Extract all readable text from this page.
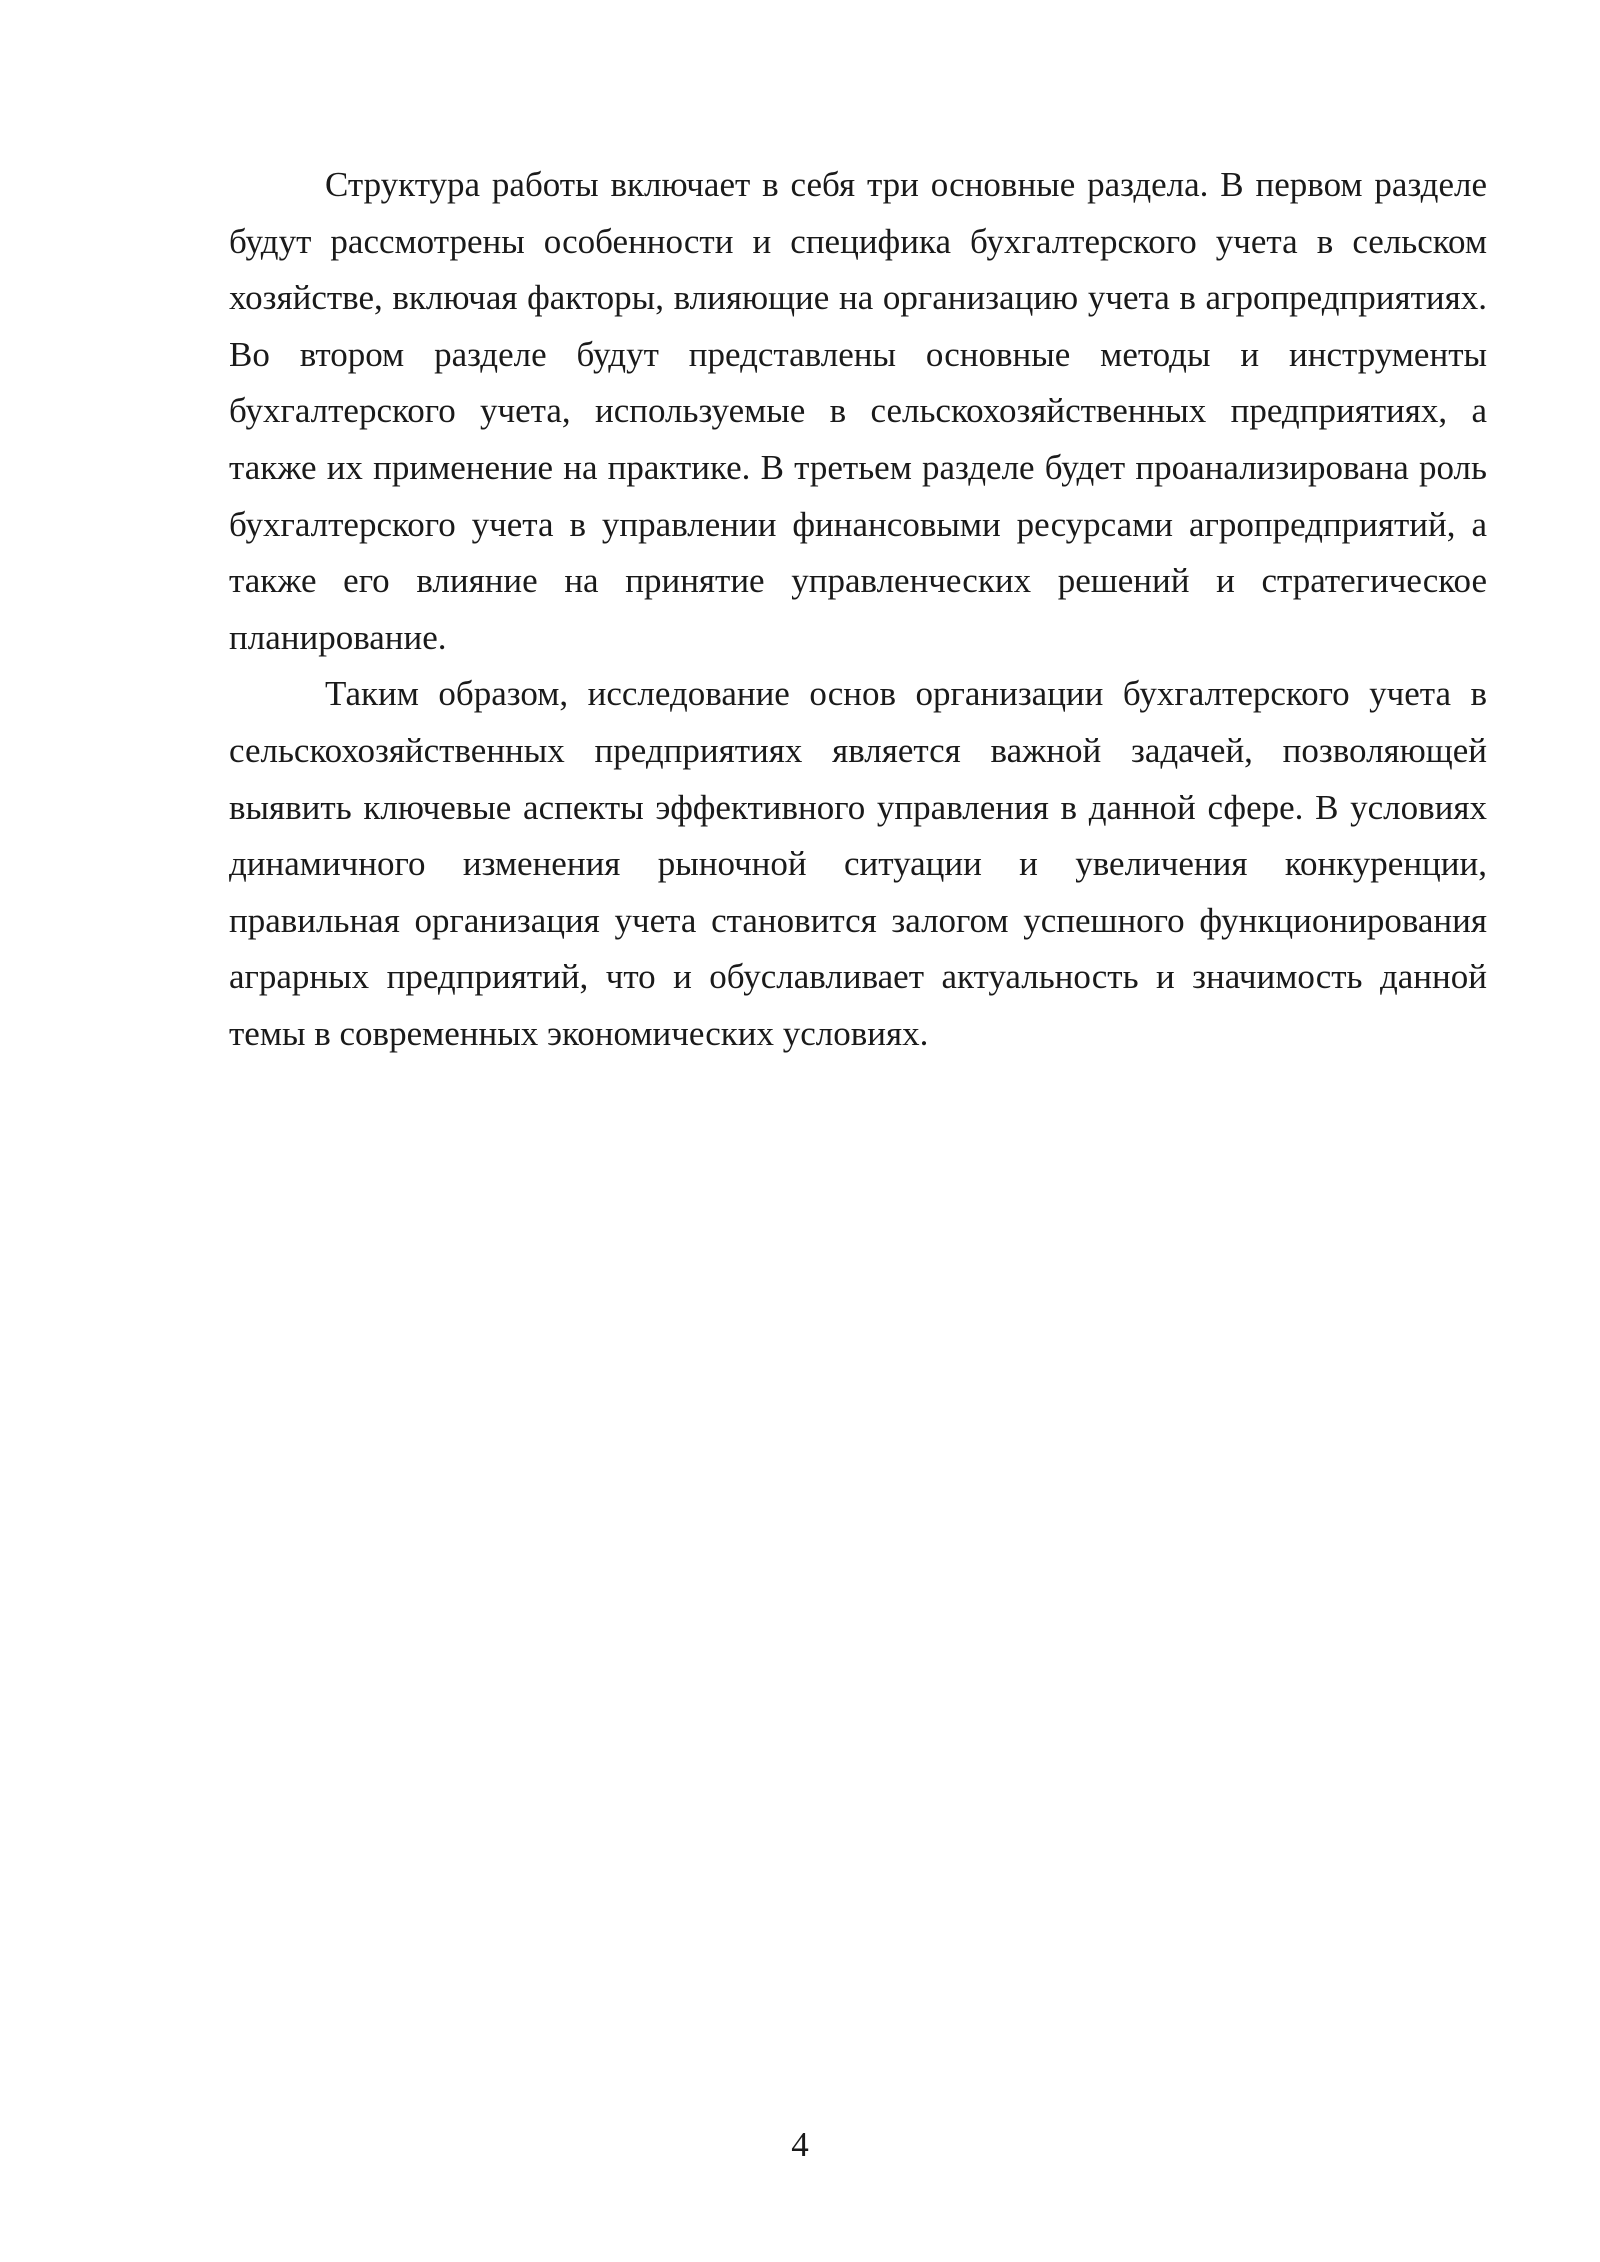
Структура работы включает в себя три основные раздела. В первом разделе будут рассмотрены особенности и специфика бухгалтерского учета в сельском хозяйстве, включая факторы, влияющие на организацию учета в агропредприятиях. Во втором разделе будут представлены основные методы и инструменты бухгалтерского учета, используемые в сельскохозяйственных предприятиях, а также их применение на практике. В третьем разделе будет проанализирована роль бухгалтерского учета в управлении финансовыми ресурсами агропредприятий, а также его влияние на принятие управленческих решений и стратегическое планирование.

Таким образом, исследование основ организации бухгалтерского учета в сельскохозяйственных предприятиях является важной задачей, позволяющей выявить ключевые аспекты эффективного управления в данной сфере. В условиях динамичного изменения рыночной ситуации и увеличения конкуренции, правильная организация учета становится залогом успешного функционирования аграрных предприятий, что и обуславливает актуальность и значимость данной темы в современных экономических условиях.

4
